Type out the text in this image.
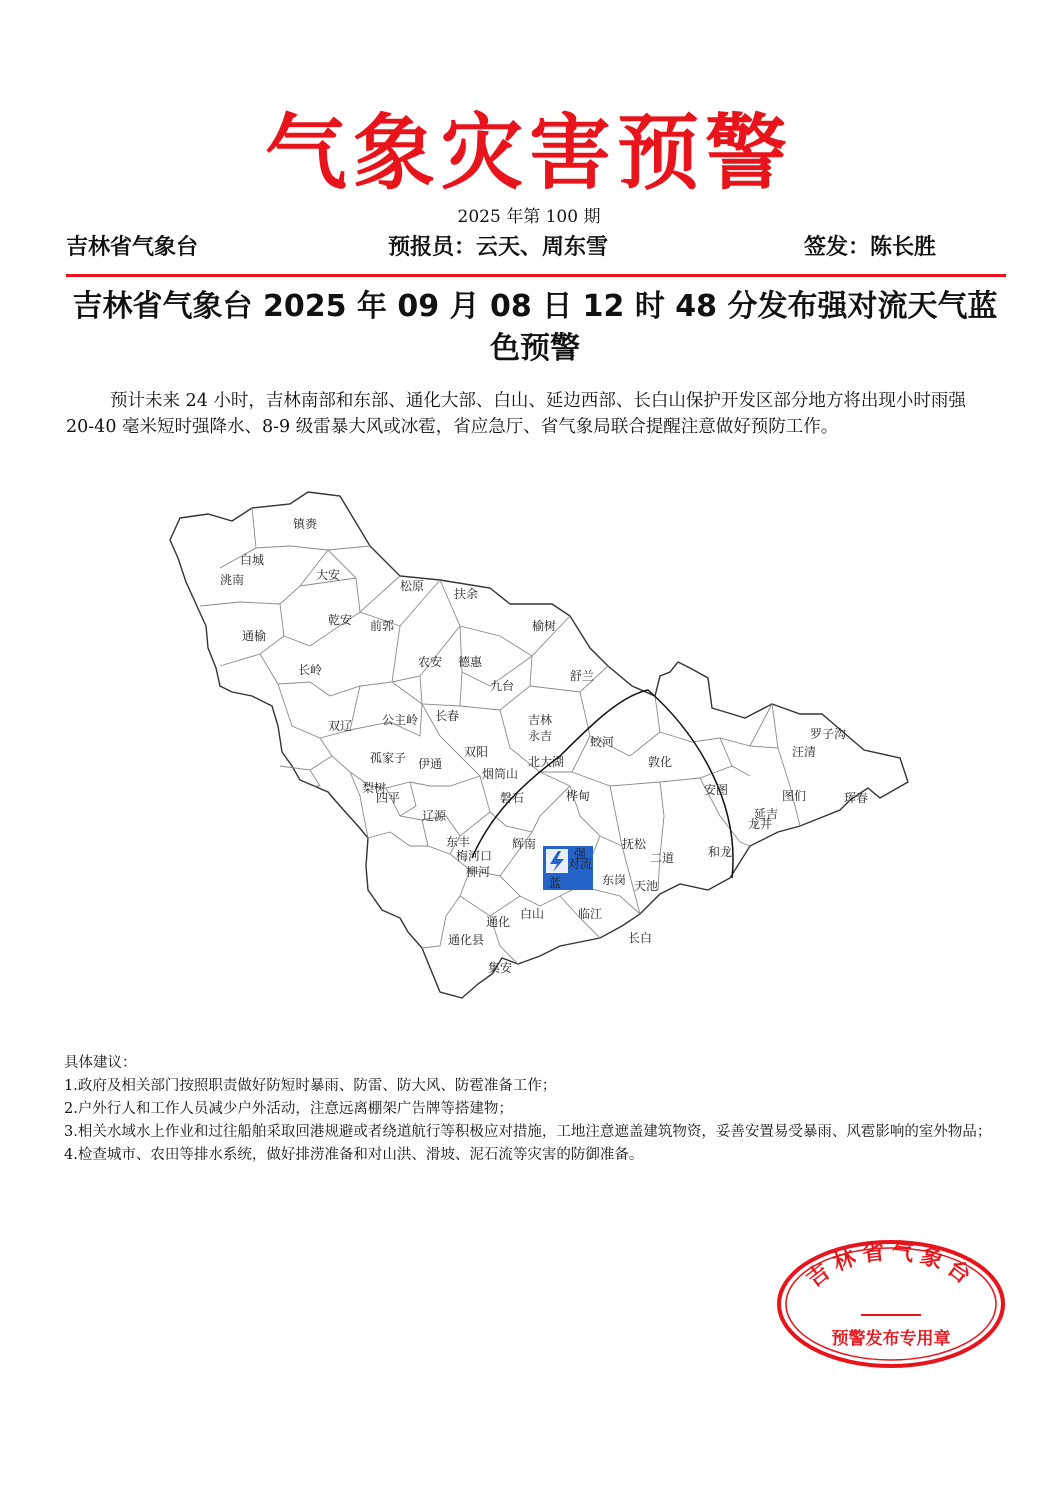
气象灾害预警
2025 年第 100 期
吉林省气象台	预报员：云天、周东雪	签发：陈长胜
吉林省气象台 2025 年 09 月 08 日 12 时 48 分发布强对流天气蓝色预警
预计未来 24 小时，吉林南部和东部、通化大部、白山、延边西部、长白山保护开发区部分地方将出现小时雨强 20-40 毫米短时强降水、8-9 级雷暴大风或冰雹，省应急厅、省气象局联合提醒注意做好预防工作。
镇赉
白城
洮南	大安
松原
扶余
乾安 前郭
通榆
榆树
长岭
农安 德惠
舒兰
九台
双辽 公主岭 长春	吉林
永吉	蛟河
敦化
汪清
罗子沟
孤家子 伊通
双阳
烟筒山
北大湖
梨树
四平	磐石	桦甸	安图	图们	珲春
延吉
龙井
辽源
东丰
梅河口
辉南
柳河
抚松
二道	和龙
东岗 天池
通化
白山	临江
通化县	长白
集安
强
对流
蓝
具体建议：
1.政府及相关部门按照职责做好防短时暴雨、防雷、防大风、防雹准备工作；
2.户外行人和工作人员减少户外活动，注意远离棚架广告牌等搭建物；
3.相关水域水上作业和过往船舶采取回港规避或者绕道航行等积极应对措施，工地注意遮盖建筑物资，妥善安置易受暴雨、风雹影响的室外物品；
4.检查城市、农田等排水系统，做好排涝准备和对山洪、滑坡、泥石流等灾害的防御准备。
吉林省气象台
预警发布专用章
